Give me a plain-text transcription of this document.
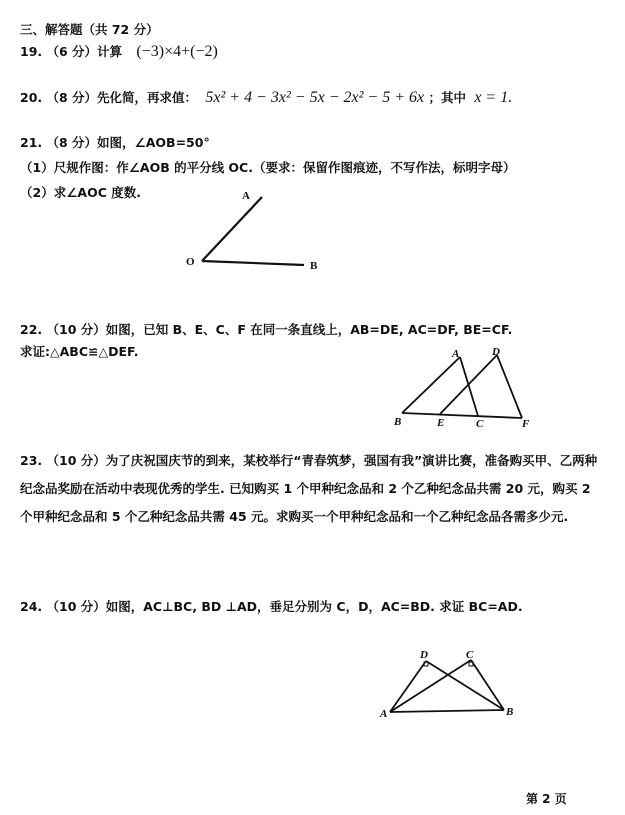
三、解答题（共 72 分）
19. （6 分）计算 (−3)×4+(−2)
20. （8 分）先化简，再求值： 5x² + 4 − 3x² − 5x − 2x² − 5 + 6x ；其中 x = 1.
21. （8 分）如图，∠AOB=50°
（1）尺规作图：作∠AOB 的平分线 OC.（要求：保留作图痕迹，不写作法，标明字母）
（2）求∠AOC 度数.	A
O	B
22. （10 分）如图，已知 B、E、C、F 在同一条直线上，AB=DE, AC=DF, BE=CF.
求证:△ABC≌△DEF.	A	D
B	E	C	F
23. （10 分）为了庆祝国庆节的到来，某校举行“青春筑梦，强国有我”演讲比赛，准备购买甲、乙两种纪念品奖励在活动中表现优秀的学生. 已知购买 1 个甲种纪念品和 2 个乙种纪念品共需 20 元，购买 2 个甲种纪念品和 5 个乙种纪念品共需 45 元。求购买一个甲种纪念品和一个乙种纪念品各需多少元.
24. （10 分）如图，AC⊥BC, BD ⊥AD，垂足分别为 C，D，AC=BD. 求证 BC=AD.
D	C
A	B
第 2 页
